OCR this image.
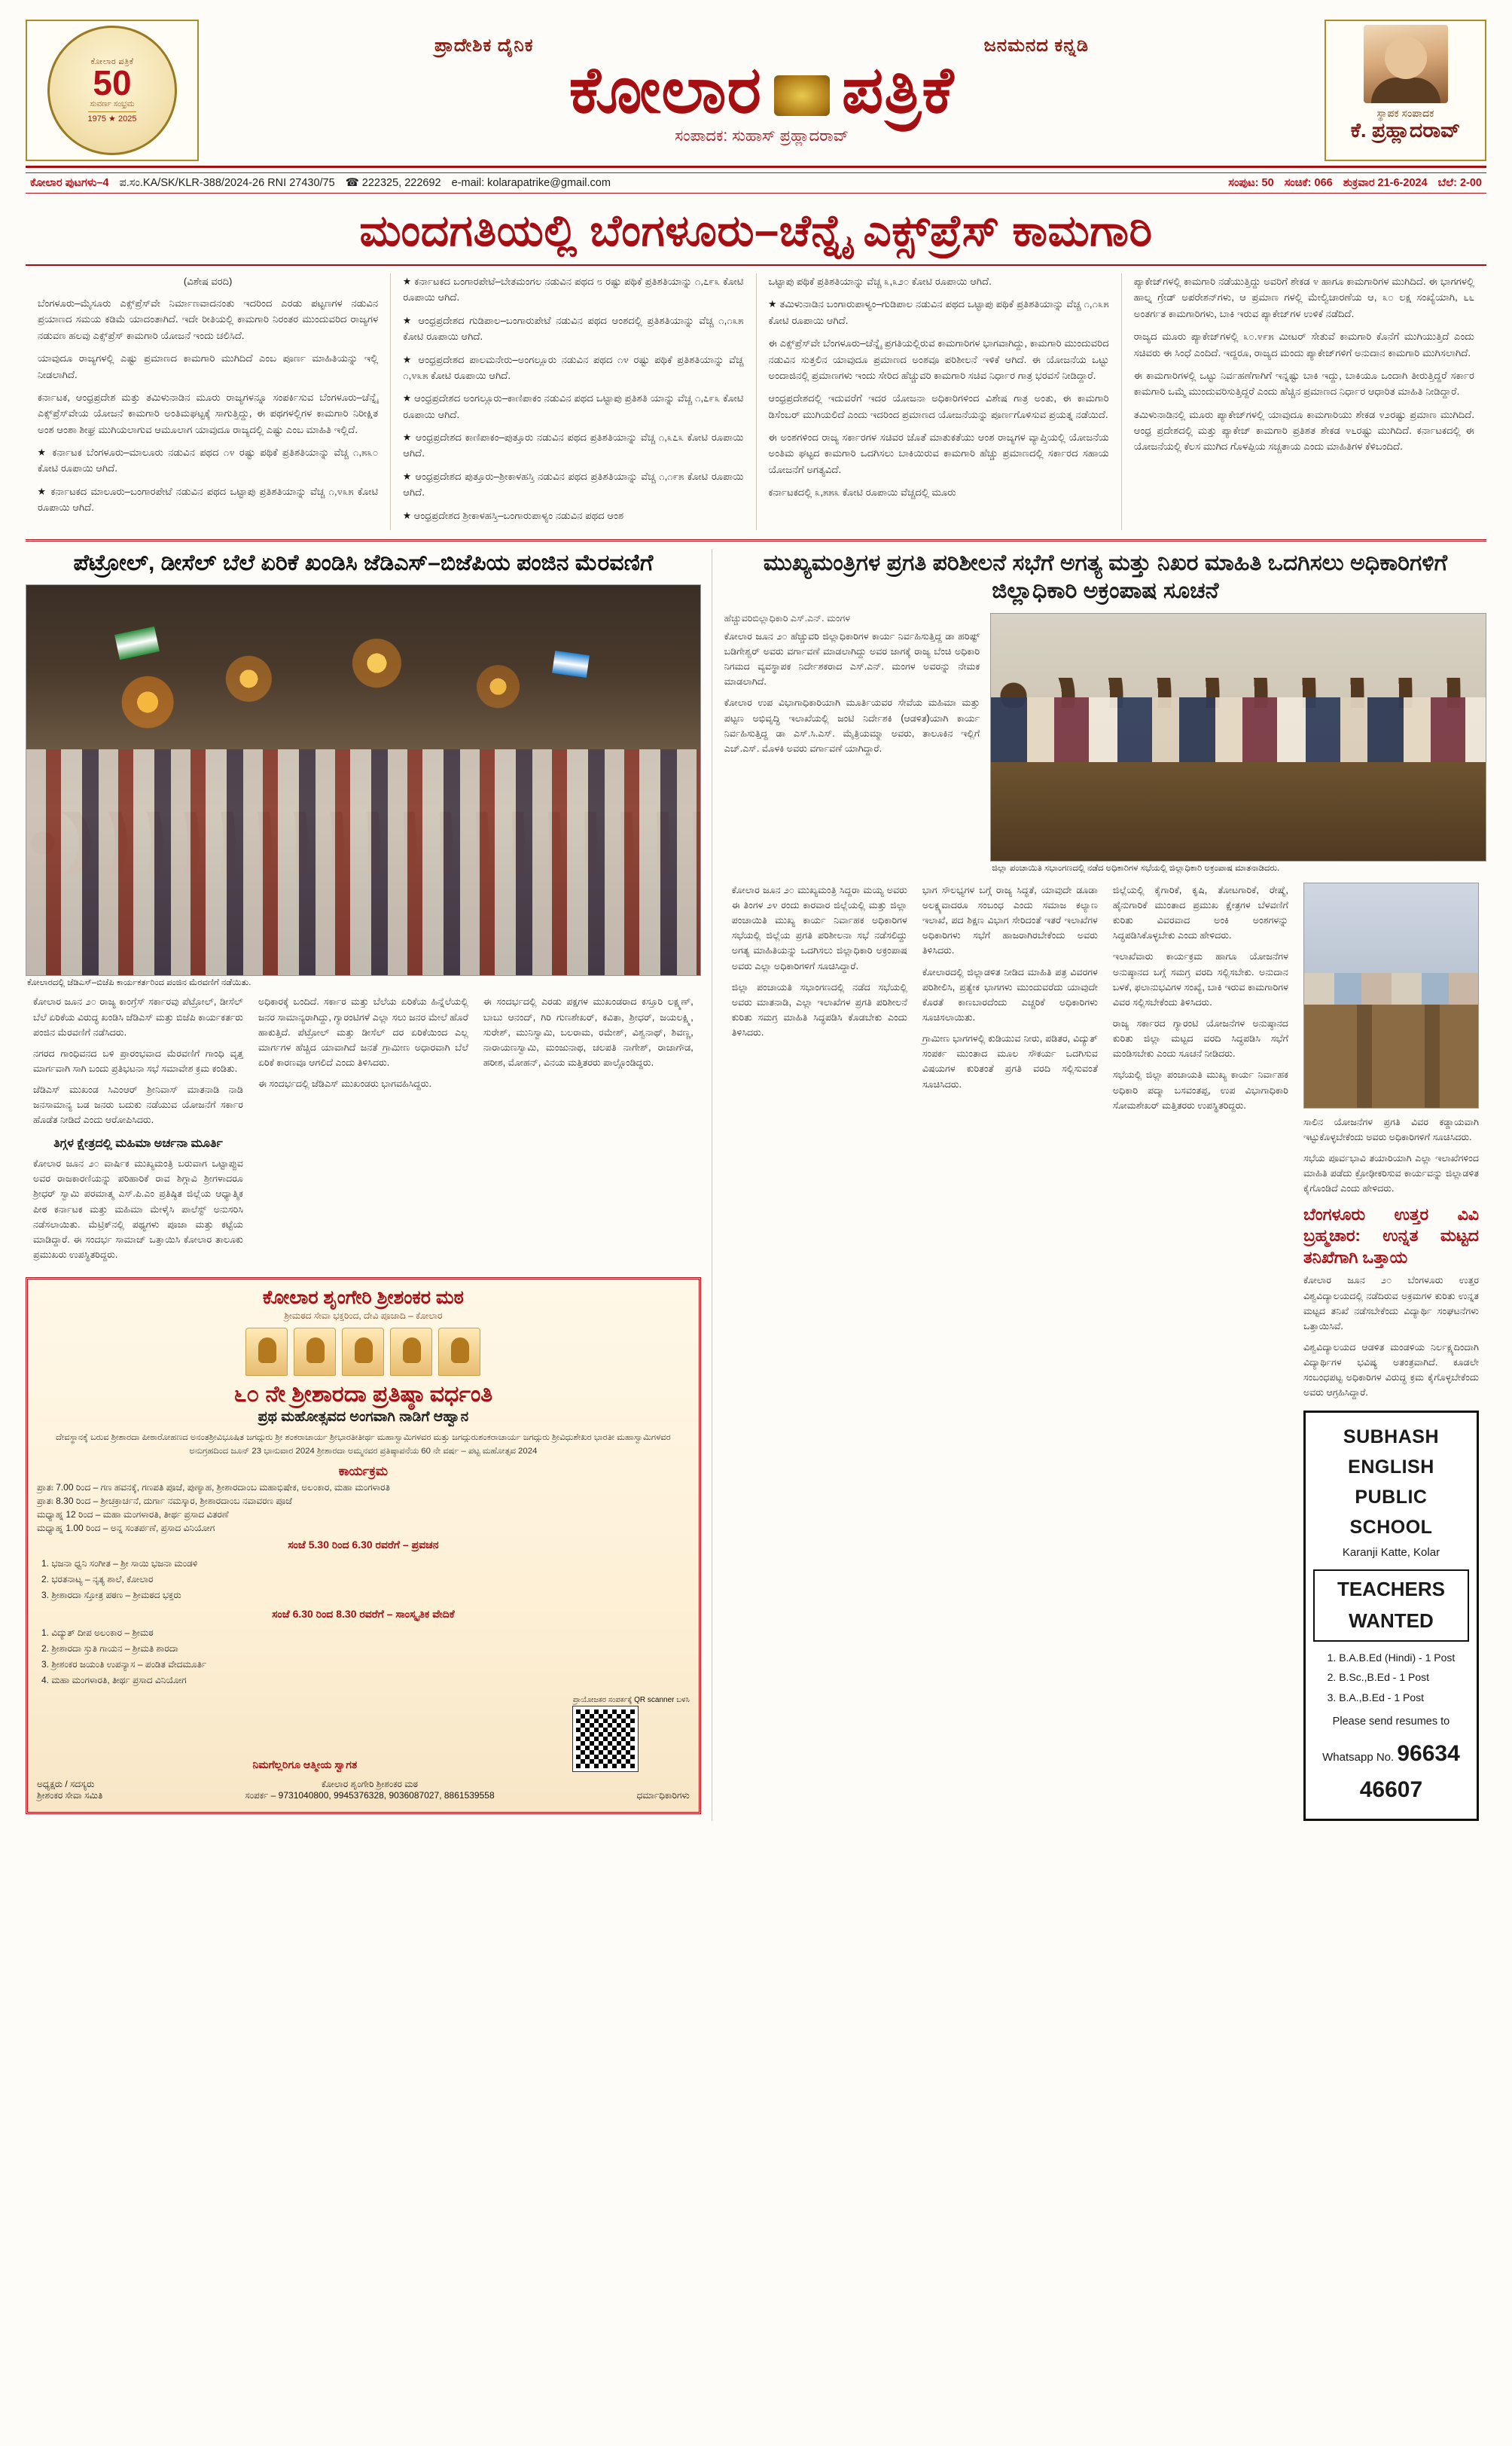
ಕೋಲಾರ ಪತ್ರಿಕೆ
50
ಸುವರ್ಣ ಸಂಭ್ರಮ
1975 ★ 2025
ಪ್ರಾದೇಶಿಕ ದೈನಿಕ	ಜನಮನದ ಕನ್ನಡಿ
ಕೋಲಾರ ಪತ್ರಿಕೆ
ಸಂಪಾದಕ: ಸುಹಾಸ್ ಪ್ರಹ್ಲಾದರಾವ್
ಸ್ಥಾಪಕ ಸಂಪಾದಕ
ಕೆ. ಪ್ರಹ್ಲಾದರಾವ್
ಕೋಲಾರ ಪುಟಗಳು–4 ಪ.ಸಂ.KA/SK/KLR-388/2024-26 RNI 27430/75 ☎ 222325, 222692 e-mail: kolarapatrike@gmail.com	ಸಂಪುಟ: 50 ಸಂಚಿಕೆ: 066 ಶುಕ್ರವಾರ 21-6-2024 ಬೆಲೆ: 2-00
ಮಂದಗತಿಯಲ್ಲಿ ಬೆಂಗಳೂರು–ಚೆನ್ನೈ ಎಕ್ಸ್‌ಪ್ರೆಸ್ ಕಾಮಗಾರಿ
(ವಿಶೇಷ ವರದಿ)

ಬೆಂಗಳೂರು–ಮೈಸೂರು ಎಕ್ಸ್‌ಪ್ರೆಸ್‌ವೇ ನಿರ್ಮಾಣವಾದನಂತು ಇದರಿಂದ ಎರಡು ಪಟ್ಟಣಗಳ ನಡುವಿನ ಪ್ರಯಾಣದ ಸಮಯ ಕಡಿಮೆ ಯಾದಂತಾಗಿದೆ. ಇದೇ ರೀತಿಯಲ್ಲಿ ಕಾಮಗಾರಿ ನಿರಂತರ ಮುಂದುವರಿದ ರಾಜ್ಯಗಳ ನಡುವಣ ಹಲವು ಎಕ್ಸ್‌ಪ್ರೆಸ್ ಕಾಮಗಾರಿ ಯೋಜನೆ ಇಂದು ಚಲಿಸಿದೆ.

ಯಾವುದೂ ರಾಜ್ಯಗಳಲ್ಲಿ ಎಷ್ಟು ಪ್ರಮಾಣದ ಕಾಮಗಾರಿ ಮುಗಿದಿದೆ ಎಂಬ ಪೂರ್ಣ ಮಾಹಿತಿಯನ್ನು ಇಲ್ಲಿ ನೀಡಲಾಗಿದೆ.

ಕರ್ನಾಟಕ, ಆಂಧ್ರಪ್ರದೇಶ ಮತ್ತು ತಮಿಳುನಾಡಿನ ಮೂರು ರಾಜ್ಯಗಳನ್ನೂ ಸಂಪರ್ಕಿಸುವ ಬೆಂಗಳೂರು–ಚೆನ್ನೈ ಎಕ್ಸ್‌ಪ್ರೆಸ್‌ವೇಯ ಯೋಜನೆ ಕಾಮಗಾರಿ ಅಂತಿಮಘಟ್ಟಕ್ಕೆ ಸಾಗುತ್ತಿದ್ದು, ಈ ಪಥಗಳಲ್ಲಿಗಳ ಕಾಮಗಾರಿ ನಿರೀಕ್ಷಿತ ಅಂಶ ಆಂಶಾ ಶೀಘ್ರ ಮುಗಿಯಲಾಗುವ ಆಮೂಲಾಗ ಯಾವುದೂ ರಾಜ್ಯದಲ್ಲಿ ಎಷ್ಟು ಎಂಬ ಮಾಹಿತಿ ಇಲ್ಲಿದೆ.

★ ಕರ್ನಾಟಕ ಬೆಂಗಳೂರು–ಮಾಲೂರು ನಡುವಿನ ಪಥದ ೧೪ ರಷ್ಟು ಪಥಿಕೆ ಪ್ರತಿಶತಿಯಾನ್ನು ವೆಚ್ಚ ೧,೫೩೦ ಕೋಟಿ ರೂಪಾಯಿ ಆಗಿದೆ.

★ ಕರ್ನಾಟಕದ ಮಾಲೂರು–ಬಂಗಾರಪೇಟೆ ನಡುವಿನ ಪಥದ ಒಟ್ಟಾಪು ಪ್ರತಿಶತಿಯಾನ್ನು ವೆಚ್ಚ ೧,೪೩೫ ಕೋಟಿ ರೂಪಾಯಿ ಆಗಿದೆ.

★ ಕರ್ನಾಟಕದ ಬಂಗಾರಪೇಟೆ–ಬೇತಮಂಗಲ ನಡುವಿನ ಪಥದ ೮ ರಷ್ಟು ಪಥಿಕೆ ಪ್ರತಿಶತಿಯಾನ್ನು ೧,೭೯೩ ಕೋಟಿ ರೂಪಾಯಿ ಆಗಿದೆ.

★ ಆಂಧ್ರಪ್ರದೇಶದ ಗುಡಿಪಾಲ–ಬಂಗಾರುಪೇಟೆ ನಡುವಿನ ಪಥದ ಆಂಶದಲ್ಲಿ ಪ್ರತಿಶತಿಯಾನ್ನು ವೆಚ್ಚ ೧,೧೩೫ ಕೋಟಿ ರೂಪಾಯಿ ಆಗಿದೆ.

★ ಆಂಧ್ರಪ್ರದೇಶದ ಪಾಲಮನೇರು–ಅಂಗಲ್ಲೂರು ನಡುವಿನ ಪಥದ ೧೪ ರಷ್ಟು ಪಥಿಕೆ ಪ್ರತಿಶತಿಯಾನ್ನು ವೆಚ್ಚ ೧,೪೩೫ ಕೋಟಿ ರೂಪಾಯಿ ಆಗಿದೆ.

★ ಆಂಧ್ರಪ್ರದೇಶದ ಅಂಗಲ್ಲೂರು–ಕಾಣಿಪಾಕಂ ನಡುವಿನ ಪಥದ ಒಟ್ಟಾಪು ಪ್ರತಿಶತಿ ಯಾನ್ನು ವೆಚ್ಚ ೧,೭೯೩ ಕೋಟಿ ರೂಪಾಯಿ ಆಗಿದೆ.

★ ಆಂಧ್ರಪ್ರದೇಶದ ಕಾಣಿಪಾಕಂ–ಪುತ್ತೂರು ನಡುವಿನ ಪಥದ ಪ್ರತಿಶತಿಯಾನ್ನು ವೆಚ್ಚ ೧,೩೭೩ ಕೋಟಿ ರೂಪಾಯಿ ಆಗಿದೆ.

★ ಆಂಧ್ರಪ್ರದೇಶದ ಪುತ್ತೂರು–ಶ್ರೀಕಾಳಹಸ್ತಿ ನಡುವಿನ ಪಥದ ಪ್ರತಿಶತಿಯಾನ್ನು ವೆಚ್ಚ ೧,೧೯೫ ಕೋಟಿ ರೂಪಾಯಿ ಆಗಿದೆ.

★ ಆಂಧ್ರಪ್ರದೇಶದ ಶ್ರೀಕಾಳಹಸ್ತಿ–ಬಂಗಾರುಪಾಳ್ಯಂ ನಡುವಿನ ಪಥದ ಆಂಶ

ಒಟ್ಟಾಪು ಪಥಿಕೆ ಪ್ರತಿಶತಿಯಾನ್ನು ವೆಚ್ಚ ೩,೩೨೦ ಕೋಟಿ ರೂಪಾಯಿ ಆಗಿದೆ.

★ ತಮಿಳುನಾಡಿನ ಬಂಗಾರುಪಾಳ್ಯಂ–ಗುಡಿಪಾಲ ನಡುವಿನ ಪಥದ ಒಟ್ಟಾಪು ಪಥಿಕೆ ಪ್ರತಿಶತಿಯಾನ್ನು ವೆಚ್ಚ ೧,೧೩೫ ಕೋಟಿ ರೂಪಾಯಿ ಆಗಿದೆ.

ಈ ಎಕ್ಸ್‌ಪ್ರೆಸ್‌ವೇ ಬೆಂಗಳೂರು–ಚೆನ್ನೈ ಪ್ರಗತಿಯಲ್ಲಿರುವ ಕಾಮಗಾರಿಗಳ ಭಾಗವಾಗಿದ್ದು, ಕಾಮಗಾರಿ ಮುಂದುವರಿದ ನಡುವಿನ ಸುತ್ತಲಿನ ಯಾವುದೂ ಪ್ರಮಾಣದ ಅಂಶವೂ ಪರಿಶೀಲನೆ ಇಳಿಕೆ ಆಗಿದೆ. ಈ ಯೋಜನೆಯ ಒಟ್ಟು ಅಂದಾಜಿನಲ್ಲಿ ಪ್ರಮಾಣಗಳು ಇಂದು ಸೇರಿದ ಹೆಚ್ಚುವರಿ ಕಾಮಗಾರಿ ಸಚಿವ ನಿರ್ಧಾರ ಗಾತ್ರ ಭರವಸೆ ನೀಡಿದ್ದಾರೆ.

ಆಂಧ್ರಪ್ರದೇಶದಲ್ಲಿ ಇದುವರೆಗೆ ಇದರ ಯೋಜನಾ ಅಧಿಕಾರಿಗಳಿಂದ ವಿಶೇಷ ಗಾತ್ರ ಅಂತು, ಈ ಕಾಮಗಾರಿ ಡಿಸೆಂಬರ್ ಮುಗಿಯಲಿದೆ ಎಂದು ಇದರಿಂದ ಪ್ರಮಾಣದ ಯೋಜನೆಯನ್ನು ಪೂರ್ಣಗೊಳಿಸುವ ಪ್ರಯತ್ನ ನಡೆಯಿದೆ.

ಈ ಅಂಶಗಳಿಂದ ರಾಜ್ಯ ಸರ್ಕಾರಗಳ ಸಚಿವರ ಜೊತೆ ಮಾತುಕತೆಯು ಆಂಶ ರಾಜ್ಯಗಳ ವ್ಯಾಪ್ತಿಯಲ್ಲಿ ಯೋಜನೆಯ ಅಂತಿಮ ಘಟ್ಟದ ಕಾಮಗಾರಿ ಒದಗಿಸಲು ಬಾಕಿಯಿರುವ ಕಾಮಗಾರಿ ಹೆಚ್ಚು ಪ್ರಮಾಣದಲ್ಲಿ ಸರ್ಕಾರದ ಸಹಾಯ ಯೋಜನೆಗೆ ಅಗತ್ಯವಿದೆ.

ಕರ್ನಾಟಕದಲ್ಲಿ ೩,೫೫೩ ಕೋಟಿ ರೂಪಾಯಿ ವೆಚ್ಚದಲ್ಲಿ ಮೂರು

ಪ್ಯಾಕೇಜ್‌ಗಳಲ್ಲಿ ಕಾಮಗಾರಿ ನಡೆಯುತ್ತಿದ್ದು ಅವರಿಗೆ ಶೇಕಡ ೪ ಹಾಗೂ ಕಾಮಗಾರಿಗಳ ಮುಗಿದಿದೆ. ಈ ಭಾಗಗಳಲ್ಲಿ ಹಾಲ್ನ ಗ್ರೇಡ್ ಅಪರೇಶನ್‌ಗಳು, ಆ ಪ್ರಮಾಣ ಗಳಲ್ಲಿ ಮೇಲ್ವಿಚಾರಣೆಯ ಆ, ೩೦ ಲಕ್ಷ ಸಂಖ್ಯೆಯಾಗಿ, ೬೬ ಅಂತರ್ಗತ ಕಾಮಗಾರಿಗಳು, ಬಾಕಿ ಇರುವ ಪ್ಯಾಕೇಜ್‌ಗಳ ಉಳಿಕೆ ನಡೆದಿದೆ.

ರಾಜ್ಯದ ಮೂರು ಪ್ಯಾಕೇಜ್‌ಗಳಲ್ಲಿ ೩೦.೪೯೫ ಮೀಟರ್ ಸೇತುವೆ ಕಾಮಗಾರಿ ಕೊನೆಗೆ ಮುಗಿಯುತ್ತಿದೆ ಎಂದು ಸಚಿವರು ಈ ಸಿಂಧೆ ಎಂದಿದೆ. ಇದ್ದರೂ, ರಾಜ್ಯದ ಮಂದು ಪ್ಯಾಕೇಜ್‌ಗಳಿಗೆ ಅನುದಾನ ಕಾಮಗಾರಿ ಮುಗಿಸಲಾಗಿದೆ.

ಈ ಕಾಮಗಾರಿಗಳಲ್ಲಿ ಒಟ್ಟು ನಿರ್ವಹಣೆಗಾಗಿಗೆ ಇನ್ನಷ್ಟು ಬಾಕಿ ಇದ್ದು, ಬಾಕಿಯೂ ಒಂದಾಗಿ ತೀರುತ್ತಿದ್ದರೆ ಸರ್ಕಾರ ಕಾಮಗಾರಿ ಒಮ್ಮೆ ಮುಂದುವರಿಸುತ್ತಿದ್ದರೆ ಎಂದು ಹೆಚ್ಚಿನ ಪ್ರಮಾಣದ ನಿರ್ಧಾರ ಆಧಾರಿತ ಮಾಹಿತಿ ನೀಡಿದ್ದಾರೆ.

ತಮಿಳುನಾಡಿನಲ್ಲಿ ಮೂರು ಪ್ಯಾಕೇಜ್‌ಗಳಲ್ಲಿ ಯಾವುದೂ ಕಾಮಗಾರಿಯು ಶೇಕಡ ೪೨ರಷ್ಟು ಪ್ರಮಾಣ ಮುಗಿದಿದೆ. ಆಂಧ್ರ ಪ್ರದೇಶದಲ್ಲಿ ಮತ್ತು ಪ್ಯಾಕೇಜ್ ಕಾಮಗಾರಿ ಪ್ರತಿಶತ ಶೇಕಡ ೪೬ರಷ್ಟು ಮುಗಿದಿದೆ. ಕರ್ನಾಟಕದಲ್ಲಿ ಈ ಯೋಜನೆಯಲ್ಲಿ ಕೆಲಸ ಮುಗಿದ ಗೊಳಪ್ಪಿಯ ಸಚ್ಚತಾಯ ಎಂದು ಮಾಹಿತಿಗಳ ಕೆಳಿಬಂದಿದೆ.

ಪೆಟ್ರೋಲ್, ಡೀಸೆಲ್ ಬೆಲೆ ಏರಿಕೆ ಖಂಡಿಸಿ ಜೆಡಿಎಸ್–ಬಿಜೆಪಿಯ ಪಂಜಿನ ಮೆರವಣಿಗೆ
ಕೋಲಾರದಲ್ಲಿ ಜೆಡಿಎಸ್–ಬಿಜೆಪಿ ಕಾರ್ಯಕರ್ತರಿಂದ ಪಂಜಿನ ಮೆರವಣಿಗೆ ನಡೆಯಿತು.

ಕೋಲಾರ ಜೂನ ೨೦ ರಾಜ್ಯ ಕಾಂಗ್ರೆಸ್ ಸರ್ಕಾರವು ಪೆಟ್ರೋಲ್, ಡೀಸೆಲ್ ಬೆಲೆ ಏರಿಕೆಯ ವಿರುದ್ಧ ಖಂಡಿಸಿ ಜೆಡಿಎಸ್ ಮತ್ತು ಬಿಜೆಪಿ ಕಾರ್ಯಕರ್ತರು ಪಂಜಿನ ಮೆರವಣಿಗೆ ನಡೆಸಿದರು.

ನಗರದ ಗಾಂಧಿವನದ ಬಳಿ ಪ್ರಾರಂಭವಾದ ಮೆರವಣಿಗೆ ಗಾಂಧಿ ವೃತ್ತ ಮಾರ್ಗವಾಗಿ ಸಾಗಿ ಬಂದು ಪ್ರತಿಭಟನಾ ಸಭೆ ಸಮಾವೇಶ ಕ್ರಮ ಕಂಡಿತು.

ಜೆಡಿಎಸ್ ಮುಖಂಡ ಸಿಎಂಆರ್ ಶ್ರೀನಿವಾಸ್ ಮಾತನಾಡಿ ನಾಡಿ ಜನಸಾಮಾನ್ಯ ಬಡ ಜನರು ಬದುಕು ನಡೆಯುವ ಯೋಜನೆಗೆ ಸರ್ಕಾರ ಹೊಡೆತ ನೀಡಿದೆ ಎಂದು ಆರೋಪಿಸಿದರು.

ತಿಗ್ಗಳ ಕ್ಷೇತ್ರದಲ್ಲಿ ಮಹಿಮಾ ಅರ್ಚನಾ ಮೂರ್ತಿ

ಕೋಲಾರ ಜೂನ ೨೦ ವಾರ್ಷಿಕ ಮುಖ್ಯಮಂತ್ರಿ ಬರುವಾಗ ಒಟ್ಟಾಪ್ಪುವ ಅವರ ರಾಜಕಾರಣಿಯನ್ನು ಪರಿಹಾರಿಕೆ ರಾವ ಶಿಗ್ಗಾವಿ ಶ್ರೀಗಳಾದರೂ ಶ್ರೀಧರ್ ಸ್ವಾಮಿ ಪರಮಾತ್ಮ ಎಸ್.ಪಿ.ಎಂ ಪ್ರತಿಷ್ಠಿತ ಜಿಲ್ಲೆಯ ಆಧ್ಯಾತ್ಮಿಕ ಪೀಠ ಕರ್ನಾಟಕ ಮತ್ತು ಮಹಿಮಾ ಮೇಳೈಸಿ ಪಾಲೆಸ್ಟ್ ಅನುಸರಿಸಿ ನಡೆಸಲಾಯಿತು. ಮೆಟ್ರಿಕ್‌ನಲ್ಲಿ ಪಥ್ಯಗಳು ಪೂಜಾ ಮತ್ತು ಕಟ್ಟೆಯ ಮಾಡಿದ್ದಾರೆ. ಈ ಸಂದರ್ಭ ಸಾಮಾಜ್ ಒತ್ತಾಯಿಸಿ ಕೋಲಾರ ತಾಲೂಕು ಪ್ರಮುಖರು ಉಪಸ್ಥಿತರಿದ್ದರು.

ಅಧಿಕಾರಕ್ಕೆ ಬಂದಿದೆ. ಸರ್ಕಾರ ಮತ್ತು ಬೆಲೆಯ ಏರಿಕೆಯ ಹಿನ್ನೆಲೆಯಲ್ಲಿ ಜನರ ಸಾಮಾನ್ಯರಾಗಿದ್ದು, ಗ್ಯಾರಂಟಿಗಳೆ ಎಲ್ಲಾ ಸಲು ಜನರ ಮೇಲೆ ಹೊರೆ ಹಾಕುತ್ತಿದೆ. ಪೆಟ್ರೋಲ್ ಮತ್ತು ಡೀಸೆಲ್ ದರ ಏರಿಕೆಯಿಂದ ಎಲ್ಲ ಮಾರ್ಗಗಳ ಹೆಚ್ಚಿದ ಯಾವಾಗಿದೆ ಜನತೆ ಗ್ರಾಮೀಣ ಅಧಾರವಾಗಿ ಬೆಲೆ ಏರಿಕೆ ಕಾರಣವೂ ಆಗಲಿದೆ ಎಂದು ತಿಳಿಸಿದರು.

ಈ ಸಂದರ್ಭದಲ್ಲಿ ಜೆಡಿಎಸ್ ಮುಖಂಡರು ಭಾಗವಹಿಸಿದ್ದರು.

ಈ ಸಂದರ್ಭದಲ್ಲಿ ಎರಡು ಪಕ್ಷಗಳ ಮುಖಂಡರಾದ ಕಸ್ತೂರಿ ಲಕ್ಷ್ಮಣ್, ಬಾಬು ಆನಂದ್, ಗಿರಿ ಗುಣಶೇಖರ್, ಕವಿತಾ, ಶ್ರೀಧರ್, ಜಯಲಕ್ಷ್ಮಿ, ಸುರೇಶ್, ಮುನಿಸ್ವಾಮಿ, ಬಲರಾಮ, ರಮೇಶ್, ವಿಶ್ವನಾಥ್, ಶಿವಣ್ಣ, ನಾರಾಯಣಸ್ವಾಮಿ, ಮಂಜುನಾಥ, ಚಲಪತಿ ನಾಗೇಶ್, ರಾಜಾಗೌಡ, ಹರೀಶ, ಮೋಹನ್, ವಿನಯ ಮತ್ತಿತರರು ಪಾಲ್ಗೊಂಡಿದ್ದರು.

ಕೋಲಾರ ಶೃಂಗೇರಿ ಶ್ರೀಶಂಕರ ಮಠ
ಶ್ರೀಮಠದ ಸೇವಾ ಭಕ್ತರಿಂದ, ದೇವಿ ಪೂಜಾದಿ – ಕೋಲಾರ
೬೦ ನೇ ಶ್ರೀಶಾರದಾ ಪ್ರತಿಷ್ಠಾ ವರ್ಧಂತಿ
ಪ್ರಥ ಮಹೋತ್ಸವದ ಅಂಗವಾಗಿ ನಾಡಿಗೆ ಆಹ್ವಾನ
ದೇವಸ್ಥಾನಕ್ಕೆ ಬರುವ ಶ್ರೀಶಾರದಾ ಪೀಠಾರೋಹಣದ ಅನಂತಶ್ರೀವಿಭೂಷಿತ ಜಗದ್ಗುರು ಶ್ರೀ ಶಂಕರಾಚಾರ್ಯ ಶ್ರೀಭಾರತೀತೀರ್ಥ ಮಹಾಸ್ವಾಮಿಗಳವರ ಮತ್ತು ಜಗದ್ಗುರುಶಂಕರಾಚಾರ್ಯ ಜಗದ್ಗುರು ಶ್ರೀವಿಧುಶೇಖರ ಭಾರತೀ ಮಹಾಸ್ವಾಮಿಗಳವರ ಅನುಗ್ರಹದಿಂದ ಜೂನ್ 23 ಭಾನುವಾರ 2024 ಶ್ರೀಶಾರದಾ ಅಮ್ಮನವರ ಪ್ರತಿಷ್ಠಾಪನೆಯ 60 ನೇ ವರ್ಷ – ಪಟ್ಟ ಮಹೋತ್ಸವ 2024
ಕಾರ್ಯಕ್ರಮ
ಪ್ರಾತಃ 7.00 ರಿಂದ – ಗಣ ಹವನಕ್ಕೆ, ಗಣಪತಿ ಪೂಜೆ, ಪುಣ್ಯಾಹ, ಶ್ರೀಶಾರದಾಂಬ ಮಹಾಭಿಷೇಕ, ಅಲಂಕಾರ, ಮಹಾ ಮಂಗಳಾರತಿ
ಪ್ರಾತಃ 8.30 ರಿಂದ – ಶ್ರೀಚಕ್ರಾರ್ಚನೆ, ದುರ್ಗಾ ನಮಸ್ಕಾರ, ಶ್ರೀಶಾರದಾಂಬ ನವಾವರಣ ಪೂಜೆ
ಮಧ್ಯಾಹ್ನ 12 ರಿಂದ – ಮಹಾ ಮಂಗಳಾರತಿ, ತೀರ್ಥ ಪ್ರಸಾದ ವಿತರಣೆ
ಮಧ್ಯಾಹ್ನ 1.00 ರಿಂದ – ಅನ್ನ ಸಂತರ್ಪಣೆ, ಪ್ರಸಾದ ವಿನಿಯೋಗ
ಸಂಜೆ 5.30 ರಿಂದ 6.30 ರವರೆಗೆ – ಪ್ರವಚನ
1. ಭಜನಾ ಧ್ವನಿ ಸಂಗೀತ – ಶ್ರೀ ಸಾಯಿ ಭಜನಾ ಮಂಡಳಿ
2. ಭರತನಾಟ್ಯ – ನೃತ್ಯ ಶಾಲೆ, ಕೋಲಾರ
3. ಶ್ರೀಶಾರದಾ ಸ್ತೋತ್ರ ಪಠಣ – ಶ್ರೀಮಠದ ಭಕ್ತರು
ಸಂಜೆ 6.30 ರಿಂದ 8.30 ರವರೆಗೆ – ಸಾಂಸ್ಕೃತಿಕ ವೇದಿಕೆ
1. ವಿದ್ಯುತ್ ದೀಪ ಅಲಂಕಾರ – ಶ್ರೀಮಠ
2. ಶ್ರೀಶಾರದಾ ಸ್ತುತಿ ಗಾಯನ – ಶ್ರೀಮತಿ ಶಾರದಾ
3. ಶ್ರೀಶಂಕರ ಜಯಂತಿ ಉಪನ್ಯಾಸ – ಪಂಡಿತ ವೇದಮೂರ್ತಿ
4. ಮಹಾ ಮಂಗಳಾರತಿ, ತೀರ್ಥ ಪ್ರಸಾದ ವಿನಿಯೋಗ
ನಿಮಗೆಲ್ಲರಿಗೂ ಆತ್ಮೀಯ ಸ್ವಾಗತ
ಪ್ರಾಯೋಜಕರ ಸಂಪರ್ಕಕ್ಕೆ QR scanner ಬಳಸಿ
ಅಧ್ಯಕ್ಷರು / ಸದಸ್ಯರು
ಶ್ರೀಶಂಕರ ಸೇವಾ ಸಮಿತಿ
ಕೋಲಾರ ಶೃಂಗೇರಿ ಶ್ರೀಶಂಕರ ಮಠ
ಸಂಪರ್ಕ – 9731040800, 9945376328, 9036087027, 8861539558	ಧರ್ಮಾಧಿಕಾರಿಗಳು
ಮುಖ್ಯಮಂತ್ರಿಗಳ ಪ್ರಗತಿ ಪರಿಶೀಲನೆ ಸಭೆಗೆ ಅಗತ್ಯ ಮತ್ತು ನಿಖರ ಮಾಹಿತಿ ಒದಗಿಸಲು ಅಧಿಕಾರಿಗಳಿಗೆ ಜಿಲ್ಲಾಧಿಕಾರಿ ಅಕ್ರಂಪಾಷ ಸೂಚನೆ
ಹೆಚ್ಚುವರಿಬಿಲ್ಲಾಧಿಕಾರಿ ಎಸ್.ಎನ್. ಮಂಗಳ

ಕೋಲಾರ ಜೂನ ೨೦ ಹೆಚ್ಚುವರಿ ಜಿಲ್ಲಾಧಿಕಾರಿಗಳ ಕಾರ್ಯ ನಿರ್ವಹಿಸುತ್ತಿದ್ದ ಡಾ ಹರಿಷ್ಟ್ ಬಡಿಗೇಶ್ವರ್ ಅವರು ವರ್ಗಾವಣೆ ಮಾಡಲಾಗಿದ್ದು ಅವರ ಜಾಗಕ್ಕೆ ರಾಜ್ಯ ಬೆಂಚಿ ಅಧಿಕಾರಿ ನಿಗಮದ ವ್ಯವಸ್ಥಾಪಕ ನಿರ್ದೇಶಕರಾದ ಎಸ್.ಎನ್. ಮಂಗಳ ಅವರನ್ನು ನೇಮಕ ಮಾಡಲಾಗಿದೆ.

ಕೋಲಾರ ಉಪ ವಿಭಾಗಾಧಿಕಾರಿಯಾಗಿ ಮೂರ್ತಿಯವರ ಸೇವೆಯ ಮಹಿಮಾ ಮತ್ತು ಪಟ್ಟಣ ಅಭಿವೃದ್ಧಿ ಇಲಾಖೆಯಲ್ಲಿ ಜಂಟಿ ನಿರ್ದೇಶಕಿ (ಆಡಳಿತ)ಯಾಗಿ ಕಾರ್ಯ ನಿರ್ವಹಿಸುತ್ತಿದ್ದ ಡಾ ಎಸ್.ಸಿ.ಎಸ್. ಮೈತ್ರಿಯಮ್ಮಾ ಅವರು, ತಾಲೂಕಿನ ಇಲ್ಲಿಗೆ ಎಚ್.ಎಸ್. ಮೊಳಕಿ ಅವರು ವರ್ಗಾವಣೆ ಯಾಗಿದ್ದಾರೆ.

ಜಿಲ್ಲಾ ಪಂಚಾಯಿತಿ ಸಭಾಂಗಣದಲ್ಲಿ ನಡೆದ ಅಧಿಕಾರಿಗಳ ಸಭೆಯಲ್ಲಿ ಜಿಲ್ಲಾಧಿಕಾರಿ ಅಕ್ರಂಪಾಷ ಮಾತನಾಡಿದರು.

ಕೋಲಾರ ಜೂನ ೨೦ ಮುಖ್ಯಮಂತ್ರಿ ಸಿದ್ದರಾ ಮಯ್ಯ ಅವರು ಈ ತಿಂಗಳ ೨೪ ರಂದು ಕಾರವಾರ ಜಿಲ್ಲೆಯಲ್ಲಿ ಮತ್ತು ಜಿಲ್ಲಾ ಪಂಚಾಯಿತಿ ಮುಖ್ಯ ಕಾರ್ಯ ನಿರ್ವಾಹಕ ಅಧಿಕಾರಿಗಳ ಸಭೆಯಲ್ಲಿ ಜಿಲ್ಲೆಯ ಪ್ರಗತಿ ಪರಿಶೀಲನಾ ಸಭೆ ನಡೆಸಲಿದ್ದು ಅಗತ್ಯ ಮಾಹಿತಿಯನ್ನು ಒದಗಿಸಲು ಜಿಲ್ಲಾಧಿಕಾರಿ ಅಕ್ರಂಪಾಷ ಅವರು ಎಲ್ಲಾ ಅಧಿಕಾರಿಗಳಿಗೆ ಸೂಚಿಸಿದ್ದಾರೆ.

ಜಿಲ್ಲಾ ಪಂಚಾಯತಿ ಸಭಾಂಗಣದಲ್ಲಿ ನಡೆದ ಸಭೆಯಲ್ಲಿ ಅವರು ಮಾತನಾಡಿ, ಎಲ್ಲಾ ಇಲಾಖೆಗಳ ಪ್ರಗತಿ ಪರಿಶೀಲನೆ ಕುರಿತು ಸಮಗ್ರ ಮಾಹಿತಿ ಸಿದ್ಧಪಡಿಸಿ ಕೊಡಬೇಕು ಎಂದು ತಿಳಿಸಿದರು.

ಭಾಗ ಸೌಲಭ್ಯಗಳ ಬಗ್ಗೆ ರಾಜ್ಯ ಸಿದ್ಧತೆ, ಯಾವುದೇ ಡೂಡಾ ಅಲಕ್ಷ್ಯವಾದರೂ ಸಂಬಂಧ ಎಂದು ಸಮಾಜ ಕಲ್ಯಾಣ ಇಲಾಖೆ, ಪದ ಶಿಕ್ಷಣ ವಿಭಾಗ ಸೇರಿದಂತೆ ಇತರೆ ಇಲಾಖೆಗಳ ಅಧಿಕಾರಿಗಳು ಸಭೆಗೆ ಹಾಜರಾಗಿರಬೇಕೆಂದು ಅವರು ತಿಳಿಸಿದರು.

ಕೋಲಾರದಲ್ಲಿ ಜಿಲ್ಲಾಡಳಿತ ನೀಡಿದ ಮಾಹಿತಿ ಪತ್ರ ವಿವರಗಳ ಪರಿಶೀಲಿಸಿ, ಪ್ರತ್ಯೇಕ ಭಾಗಗಳು ಮುಂದುವರೆದು ಯಾವುದೇ ಕೊರತೆ ಕಾಣಬಾರದೆಂದು ಎಚ್ಚರಿಕೆ ಅಧಿಕಾರಿಗಳು ಸೂಚಿಸಲಾಯಿತು.

ಗ್ರಾಮೀಣ ಭಾಗಗಳಲ್ಲಿ ಕುಡಿಯುವ ನೀರು, ಪಡಿತರ, ವಿದ್ಯುತ್ ಸಂಪರ್ಕ ಮುಂತಾದ ಮೂಲ ಸೌಕರ್ಯ ಒದಗಿಸುವ ವಿಷಯಗಳ ಕುರಿತಂತೆ ಪ್ರಗತಿ ವರದಿ ಸಲ್ಲಿಸುವಂತೆ ಸೂಚಿಸಿದರು.

ಜಿಲ್ಲೆಯಲ್ಲಿ ಕೈಗಾರಿಕೆ, ಕೃಷಿ, ತೋಟಗಾರಿಕೆ, ರೇಷ್ಮೆ, ಹೈನುಗಾರಿಕೆ ಮುಂತಾದ ಪ್ರಮುಖ ಕ್ಷೇತ್ರಗಳ ಬೆಳವಣಿಗೆ ಕುರಿತು ವಿವರವಾದ ಅಂಕಿ ಅಂಶಗಳನ್ನು ಸಿದ್ಧಪಡಿಸಿಕೊಳ್ಳಬೇಕು ಎಂದು ಹೇಳಿದರು.

ಇಲಾಖೆವಾರು ಕಾರ್ಯಕ್ರಮ ಹಾಗೂ ಯೋಜನೆಗಳ ಅನುಷ್ಠಾನದ ಬಗ್ಗೆ ಸಮಗ್ರ ವರದಿ ಸಲ್ಲಿಸಬೇಕು. ಅನುದಾನ ಬಳಕೆ, ಫಲಾನುಭವಿಗಳ ಸಂಖ್ಯೆ, ಬಾಕಿ ಇರುವ ಕಾಮಗಾರಿಗಳ ವಿವರ ಸಲ್ಲಿಸಬೇಕೆಂದು ತಿಳಿಸಿದರು.

ರಾಜ್ಯ ಸರ್ಕಾರದ ಗ್ಯಾರಂಟಿ ಯೋಜನೆಗಳ ಅನುಷ್ಠಾನದ ಕುರಿತು ಜಿಲ್ಲಾ ಮಟ್ಟದ ವರದಿ ಸಿದ್ಧಪಡಿಸಿ ಸಭೆಗೆ ಮಂಡಿಸಬೇಕು ಎಂದು ಸೂಚನೆ ನೀಡಿದರು.

ಸಭೆಯಲ್ಲಿ ಜಿಲ್ಲಾ ಪಂಚಾಯತಿ ಮುಖ್ಯ ಕಾರ್ಯ ನಿರ್ವಾಹಕ ಅಧಿಕಾರಿ ಪದ್ಮಾ ಬಸವಂತಪ್ಪ, ಉಪ ವಿಭಾಗಾಧಿಕಾರಿ ಸೋಮಶೇಖರ್ ಮತ್ತಿತರರು ಉಪಸ್ಥಿತರಿದ್ದರು.

ಸಾಲಿನ ಯೋಜನೆಗಳ ಪ್ರಗತಿ ವಿವರ ಕಡ್ಡಾಯವಾಗಿ ಇಟ್ಟುಕೊಳ್ಳಬೇಕೆಂದು ಅವರು ಅಧಿಕಾರಿಗಳಿಗೆ ಸೂಚಿಸಿದರು.

ಸಭೆಯ ಪೂರ್ವಭಾವಿ ತಯಾರಿಯಾಗಿ ಎಲ್ಲಾ ಇಲಾಖೆಗಳಿಂದ ಮಾಹಿತಿ ಪಡೆದು ಕ್ರೋಢೀಕರಿಸುವ ಕಾರ್ಯವನ್ನು ಜಿಲ್ಲಾಡಳಿತ ಕೈಗೊಂಡಿದೆ ಎಂದು ಹೇಳಿದರು.

ಬೆಂಗಳೂರು ಉತ್ತರ ವಿವಿ ಬ್ರಹ್ಮಚಾರ: ಉನ್ನತ ಮಟ್ಟದ ತನಿಖೆಗಾಗಿ ಒತ್ತಾಯ

ಕೋಲಾರ ಜೂನ ೨೦ ಬೆಂಗಳೂರು ಉತ್ತರ ವಿಶ್ವವಿದ್ಯಾಲಯದಲ್ಲಿ ನಡೆದಿರುವ ಅಕ್ರಮಗಳ ಕುರಿತು ಉನ್ನತ ಮಟ್ಟದ ತನಿಖೆ ನಡೆಸಬೇಕೆಂದು ವಿದ್ಯಾರ್ಥಿ ಸಂಘಟನೆಗಳು ಒತ್ತಾಯಿಸಿವೆ.

ವಿಶ್ವವಿದ್ಯಾಲಯದ ಆಡಳಿತ ಮಂಡಳಿಯ ನಿರ್ಲಕ್ಷ್ಯದಿಂದಾಗಿ ವಿದ್ಯಾರ್ಥಿಗಳ ಭವಿಷ್ಯ ಅತಂತ್ರವಾಗಿದೆ. ಕೂಡಲೇ ಸಂಬಂಧಪಟ್ಟ ಅಧಿಕಾರಿಗಳ ವಿರುದ್ಧ ಕ್ರಮ ಕೈಗೊಳ್ಳಬೇಕೆಂದು ಅವರು ಆಗ್ರಹಿಸಿದ್ದಾರೆ.

SUBHASH
ENGLISH PUBLIC SCHOOL
Karanji Katte, Kolar
TEACHERS WANTED
1. B.A.B.Ed (Hindi) - 1 Post
2. B.Sc.,B.Ed - 1 Post
3. B.A.,B.Ed - 1 Post
Please send resumes to
Whatsapp No. 96634 46607
